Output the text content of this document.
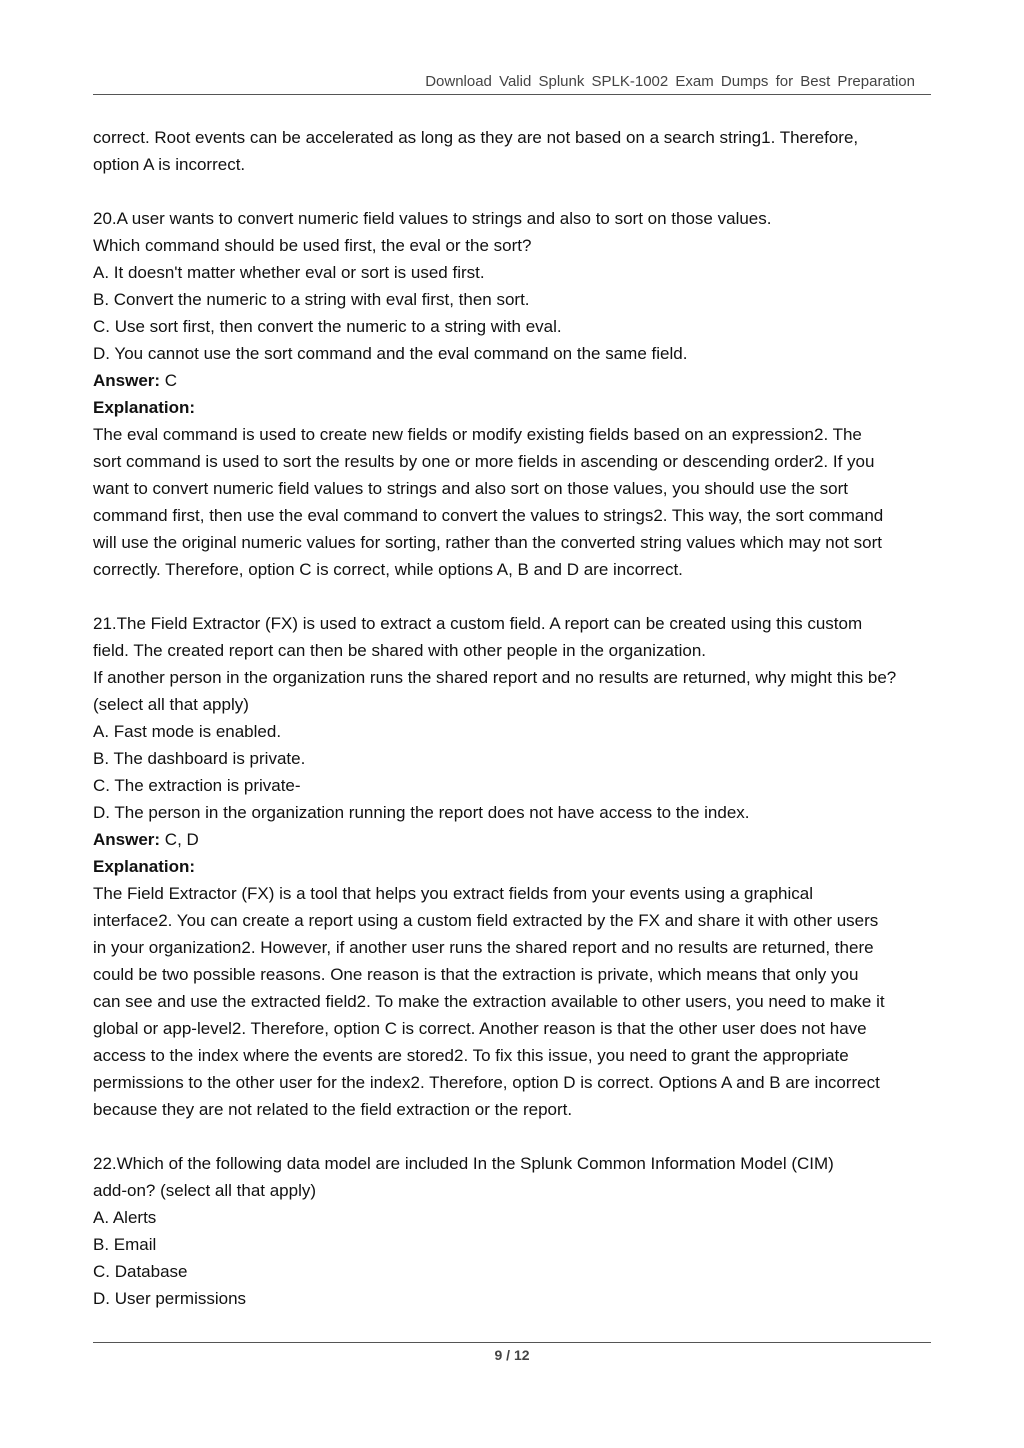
Download Valid Splunk SPLK-1002 Exam Dumps for Best Preparation

correct. Root events can be accelerated as long as they are not based on a search string1. Therefore,

option A is incorrect.

20.A user wants to convert numeric field values to strings and also to sort on those values.

Which command should be used first, the eval or the sort?

A. It doesn't matter whether eval or sort is used first.

B. Convert the numeric to a string with eval first, then sort.

C. Use sort first, then convert the numeric to a string with eval.

D. You cannot use the sort command and the eval command on the same field.

Answer: C

Explanation:

The eval command is used to create new fields or modify existing fields based on an expression2. The

sort command is used to sort the results by one or more fields in ascending or descending order2. If you

want to convert numeric field values to strings and also sort on those values, you should use the sort

command first, then use the eval command to convert the values to strings2. This way, the sort command

will use the original numeric values for sorting, rather than the converted string values which may not sort

correctly. Therefore, option C is correct, while options A, B and D are incorrect.

21.The Field Extractor (FX) is used to extract a custom field. A report can be created using this custom

field. The created report can then be shared with other people in the organization.

If another person in the organization runs the shared report and no results are returned, why might this be?

(select all that apply)

A. Fast mode is enabled.

B. The dashboard is private.

C. The extraction is private-

D. The person in the organization running the report does not have access to the index.

Answer: C, D

Explanation:

The Field Extractor (FX) is a tool that helps you extract fields from your events using a graphical

interface2. You can create a report using a custom field extracted by the FX and share it with other users

in your organization2. However, if another user runs the shared report and no results are returned, there

could be two possible reasons. One reason is that the extraction is private, which means that only you

can see and use the extracted field2. To make the extraction available to other users, you need to make it

global or app-level2. Therefore, option C is correct. Another reason is that the other user does not have

access to the index where the events are stored2. To fix this issue, you need to grant the appropriate

permissions to the other user for the index2. Therefore, option D is correct. Options A and B are incorrect

because they are not related to the field extraction or the report.

22.Which of the following data model are included In the Splunk Common Information Model (CIM)

add-on? (select all that apply)

A. Alerts

B. Email

C. Database

D. User permissions

9 / 12
